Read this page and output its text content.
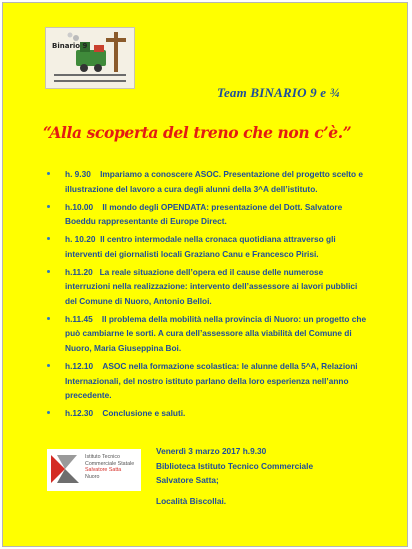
Binario 9
Team BINARIO 9 e ¾
“Alla scoperta del treno che non c’è.”
h. 9.30 Impariamo a conoscere ASOC. Presentazione del progetto scelto e illustrazione del lavoro a cura degli alunni della 3^A dell’istituto.
h.10.00 Il mondo degli OPENDATA: presentazione del Dott. Salvatore Boeddu rappresentante di Europe Direct.
h. 10.20 Il centro intermodale nella cronaca quotidiana attraverso gli interventi dei giornalisti locali Graziano Canu e Francesco Pirisi.
h.11.20 La reale situazione dell’opera ed il cause delle numerose interruzioni nella realizzazione: intervento dell’assessore ai lavori pubblici del Comune di Nuoro, Antonio Belloi.
h.11.45 Il problema della mobilità nella provincia di Nuoro: un progetto che può cambiarne le sorti. A cura dell’assessore alla viabilità del Comune di Nuoro, Maria Giuseppina Boi.
h.12.10 ASOC nella formazione scolastica: le alunne della 5^A, Relazioni Internazionali, del nostro istituto parlano della loro esperienza nell’anno precedente.
h.12.30 Conclusione e saluti.
Istituto Tecnico
Commerciale Statale
Salvatore Satta
Nuoro
Venerdì 3 marzo 2017 h.9.30
Biblioteca Istituto Tecnico Commerciale
Salvatore Satta;
Località Biscollai.
